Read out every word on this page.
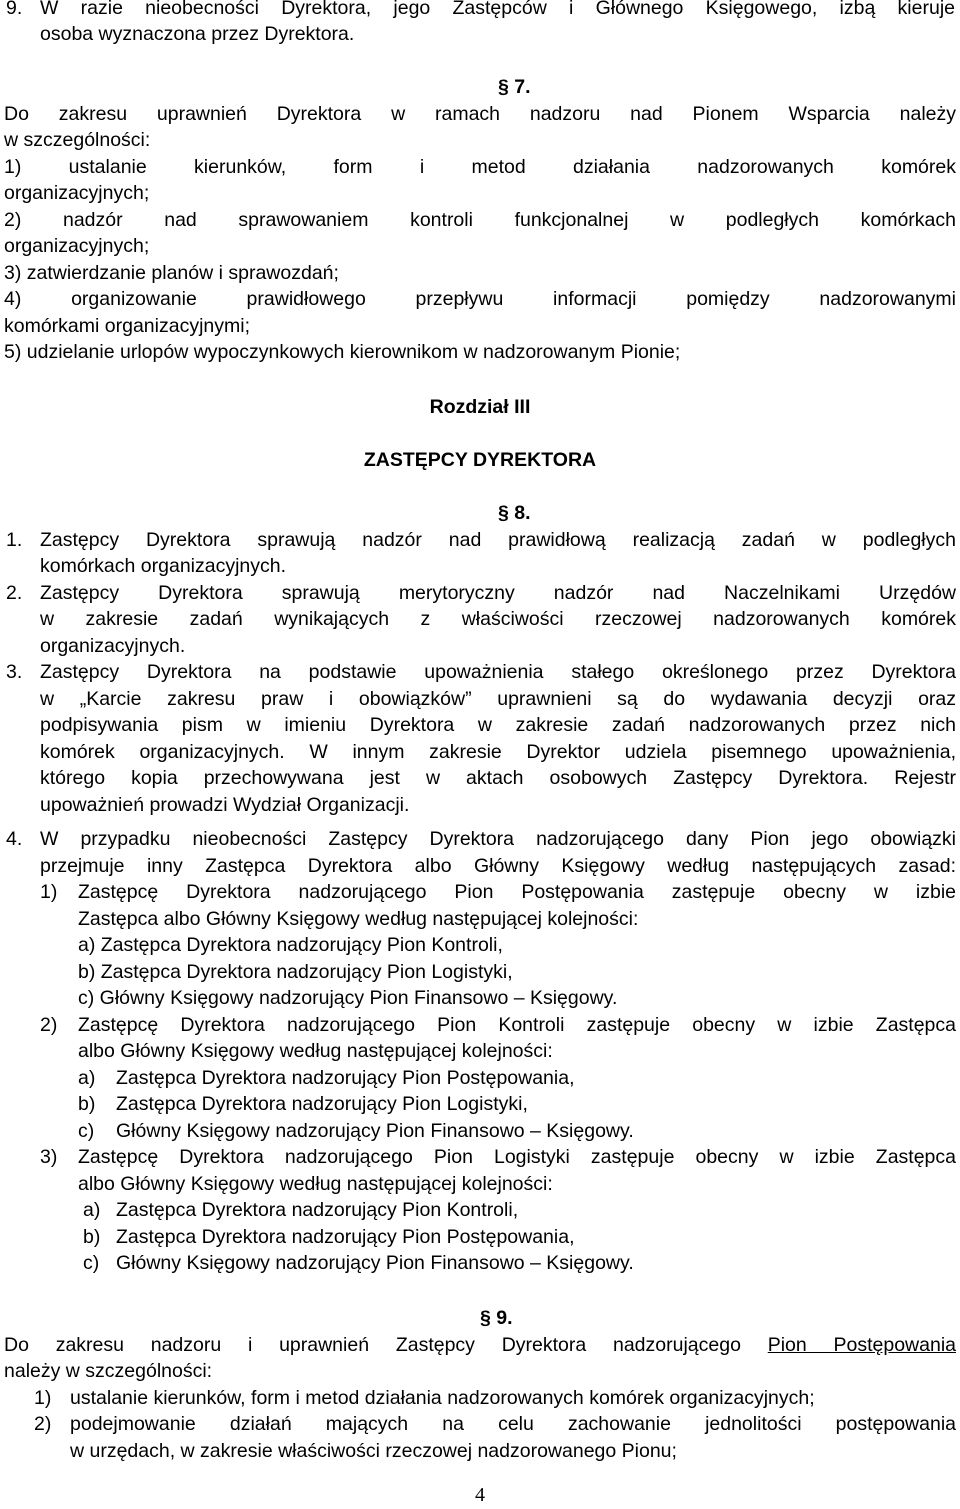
9. W razie nieobecności Dyrektora, jego Zastępców i Głównego Księgowego, izbą kieruje
osoba wyznaczona przez Dyrektora.
§ 7.
Do zakresu uprawnień Dyrektora w ramach nadzoru nad Pionem Wsparcia należy
w szczególności:
1) ustalanie kierunków, form i metod działania nadzorowanych komórek
organizacyjnych;
2) nadzór nad sprawowaniem kontroli funkcjonalnej w podległych komórkach
organizacyjnych;
3) zatwierdzanie planów i sprawozdań;
4) organizowanie prawidłowego przepływu informacji pomiędzy nadzorowanymi
komórkami organizacyjnymi;
5) udzielanie urlopów wypoczynkowych kierownikom w nadzorowanym Pionie;
Rozdział III
ZASTĘPCY DYREKTORA
§ 8.
1. Zastępcy Dyrektora sprawują nadzór nad prawidłową realizacją zadań w podległych
komórkach organizacyjnych.
2. Zastępcy Dyrektora sprawują merytoryczny nadzór nad Naczelnikami Urzędów
w zakresie zadań wynikających z właściwości rzeczowej nadzorowanych komórek
organizacyjnych.
3. Zastępcy Dyrektora na podstawie upoważnienia stałego określonego przez Dyrektora
w „Karcie zakresu praw i obowiązków” uprawnieni są do wydawania decyzji oraz
podpisywania pism w imieniu Dyrektora w zakresie zadań nadzorowanych przez nich
komórek organizacyjnych. W innym zakresie Dyrektor udziela pisemnego upoważnienia,
którego kopia przechowywana jest w aktach osobowych Zastępcy Dyrektora. Rejestr
upoważnień prowadzi Wydział Organizacji.
4. W przypadku nieobecności Zastępcy Dyrektora nadzorującego dany Pion jego obowiązki
przejmuje inny Zastępca Dyrektora albo Główny Księgowy według następujących zasad:
1) Zastępcę Dyrektora nadzorującego Pion Postępowania zastępuje obecny w izbie
Zastępca albo Główny Księgowy według następującej kolejności:
a) Zastępca Dyrektora nadzorujący Pion Kontroli,
b) Zastępca Dyrektora nadzorujący Pion Logistyki,
c) Główny Księgowy nadzorujący Pion Finansowo – Księgowy.
2) Zastępcę Dyrektora nadzorującego Pion Kontroli zastępuje obecny w izbie Zastępca
albo Główny Księgowy według następującej kolejności:
a) Zastępca Dyrektora nadzorujący Pion Postępowania,
b) Zastępca Dyrektora nadzorujący Pion Logistyki,
c) Główny Księgowy nadzorujący Pion Finansowo – Księgowy.
3) Zastępcę Dyrektora nadzorującego Pion Logistyki zastępuje obecny w izbie Zastępca
albo Główny Księgowy według następującej kolejności:
a) Zastępca Dyrektora nadzorujący Pion Kontroli,
b) Zastępca Dyrektora nadzorujący Pion Postępowania,
c) Główny Księgowy nadzorujący Pion Finansowo – Księgowy.
§ 9.
Do zakresu nadzoru i uprawnień Zastępcy Dyrektora nadzorującego Pion Postępowania
należy w szczególności:
1) ustalanie kierunków, form i metod działania nadzorowanych komórek organizacyjnych;
2) podejmowanie działań mających na celu zachowanie jednolitości postępowania
w urzędach, w zakresie właściwości rzeczowej nadzorowanego Pionu;
4
